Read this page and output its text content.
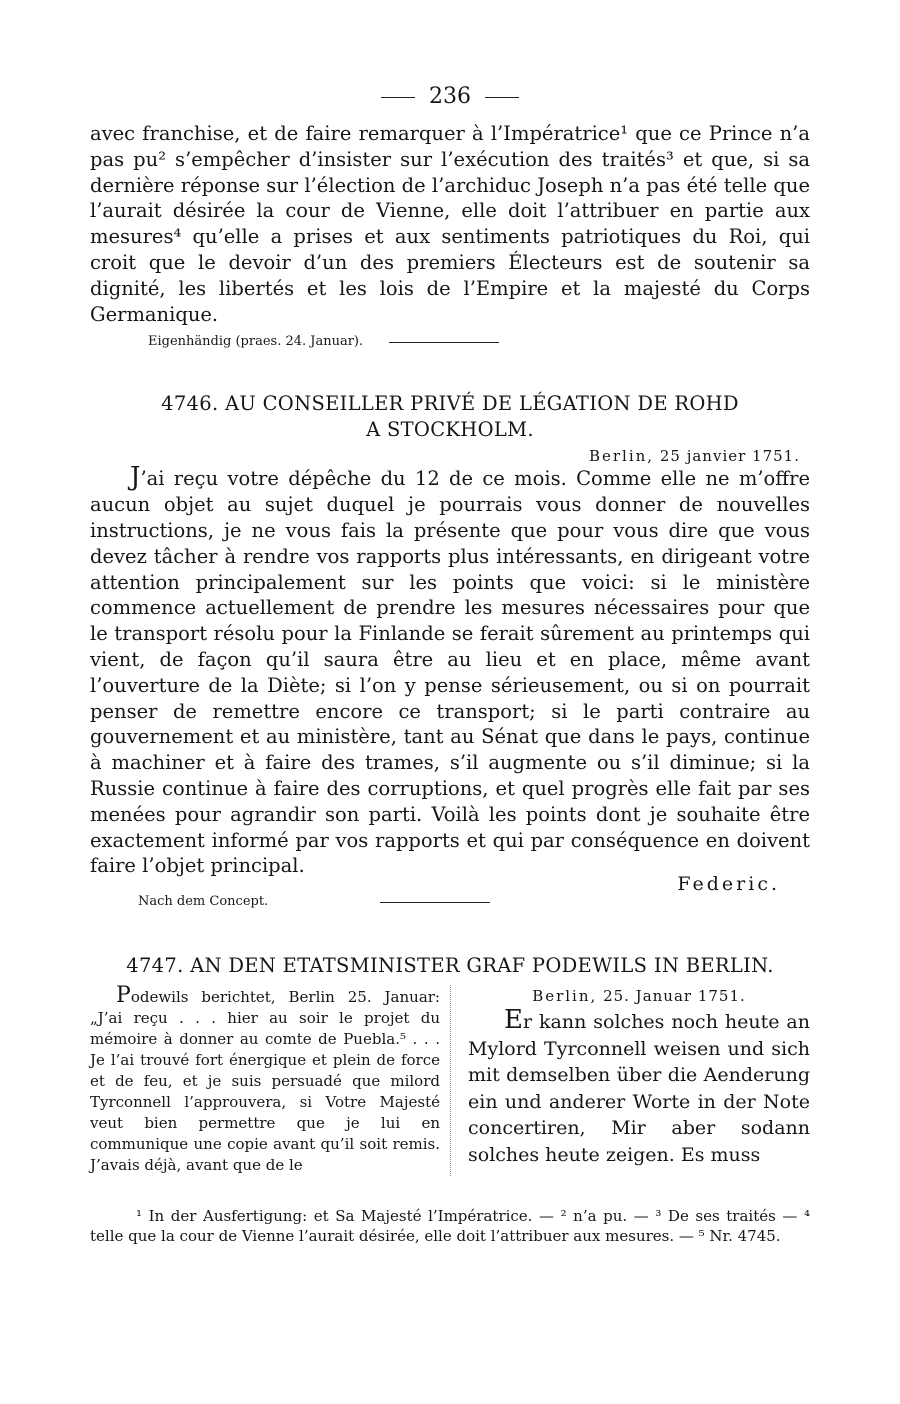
236

avec franchise, et de faire remarquer à l’Impératrice¹ que ce Prince n’a pas pu² s’empêcher d’insister sur l’exécution des traités³ et que, si sa dernière réponse sur l’élection de l’archiduc Joseph n’a pas été telle que l’aurait désirée la cour de Vienne, elle doit l’attribuer en partie aux mesures⁴ qu’elle a prises et aux sentiments patriotiques du Roi, qui croit que le devoir d’un des premiers Électeurs est de soutenir sa dignité, les libertés et les lois de l’Empire et la majesté du Corps Germanique.

Eigenhändig (praes. 24. Januar).

4746. AU CONSEILLER PRIVÉ DE LÉGATION DE ROHD

A STOCKHOLM.

Berlin, 25 janvier 1751.

J’ai reçu votre dépêche du 12 de ce mois. Comme elle ne m’offre aucun objet au sujet duquel je pourrais vous donner de nouvelles instructions, je ne vous fais la présente que pour vous dire que vous devez tâcher à rendre vos rapports plus intéressants, en dirigeant votre attention principalement sur les points que voici: si le ministère commence actuellement de prendre les mesures nécessaires pour que le transport résolu pour la Finlande se ferait sûrement au printemps qui vient, de façon qu’il saura être au lieu et en place, même avant l’ouverture de la Diète; si l’on y pense sérieusement, ou si on pourrait penser de remettre encore ce transport; si le parti contraire au gouvernement et au ministère, tant au Sénat que dans le pays, continue à machiner et à faire des trames, s’il augmente ou s’il diminue; si la Russie continue à faire des corruptions, et quel progrès elle fait par ses menées pour agrandir son parti. Voilà les points dont je souhaite être exactement informé par vos rapports et qui par conséquence en doivent faire l’objet principal.

Federic.

Nach dem Concept.

4747. AN DEN ETATSMINISTER GRAF PODEWILS IN BERLIN.

Podewils berichtet, Berlin 25. Januar: „J’ai reçu . . . hier au soir le projet du mémoire à donner au comte de Puebla.⁵ . . . Je l’ai trouvé fort énergique et plein de force et de feu, et je suis persuadé que milord Tyrconnell l’approuvera, si Votre Majesté veut bien permettre que je lui en communique une copie avant qu’il soit remis. J’avais déjà, avant que de le

Berlin, 25. Januar 1751.

Er kann solches noch heute an Mylord Tyrconnell weisen und sich mit demselben über die Aenderung ein und anderer Worte in der Note concertiren, Mir aber sodann solches heute zeigen. Es muss

¹ In der Ausfertigung: et Sa Majesté l’Impératrice. — ² n’a pu. — ³ De ses traités — ⁴ telle que la cour de Vienne l’aurait désirée, elle doit l’attribuer aux mesures. — ⁵ Nr. 4745.
